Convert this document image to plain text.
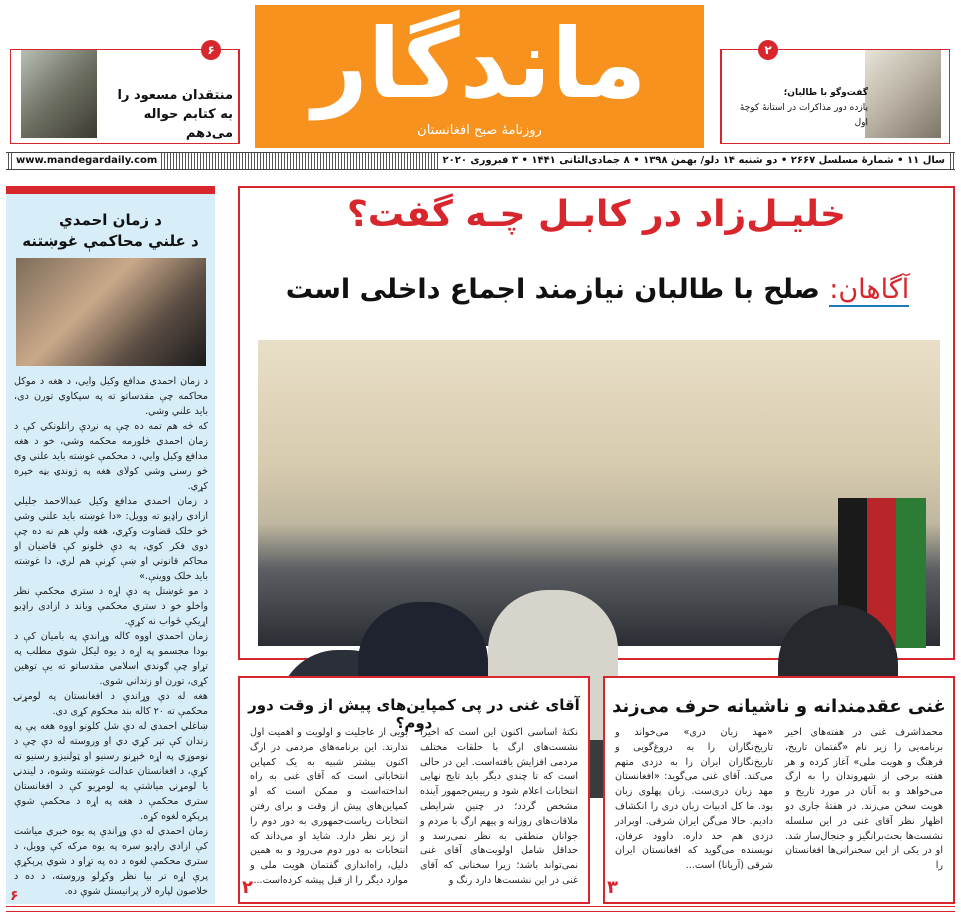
ماندگار
روزنامهٔ صبح افغانستان
۶
منتقدان مسعود را به کتابم حواله می‌دهم
۲
گفت‌وگو با طالبان؛
یازده دور مذاکرات در استانهٔ کوچهٔ اول
www.mandegardaily.com	سال ۱۱ • شمارهٔ مسلسل ۲۶۶۷ • دو شنبه ۱۴ دلو/ بهمن ۱۳۹۸ • ۸ جمادی‌الثانی ۱۴۴۱ • ۳ فبروری ۲۰۲۰
د زمان احمدي
د علني محاکمې غوښتنه

د زمان احمدي مدافع وکيل وايي، د هغه د موکل محاکمه چې مقدساتو ته په سپکاوي تورن دی، بايد علني وشي.

که څه هم تمه ده چې په نږدې راتلونکي کې د زمان احمدي څلورمه محکمه وشي، خو د هغه مدافع وکيل وايي، د محکمې غوښته بايد علني وي څو رسنۍ وشي کولای هغه په ژوندۍ بڼه خپره کړي.

د زمان احمدي مدافع وکيل عبدالاحمد جليلي ازادي راډيو ته وويل: «دا غوښته بايد علني وشي څو خلک قضاوت وکړي، هغه ولې هم نه ده چې دوی فکر کوي، په دې څلونو کې قاضيان او محاکم قانوني او ښې کړنې هم لري، دا غوښته بايد خلک ووينې.»

د مو غوښتل په دې اړه د ستري محکمې نظر واخلو خو د ستري محکمې وياند د ازادی راډيو اړيکې ځواب نه کړې.

زمان احمدي اووه کاله وړاندې په باميان کې د بودا مجسمو په اړه د يوه ليکل شوي مطلب په تړاو چې ګوندي اسلامي مقدساتو ته يې توهين کړی، تورن او زنداني شوی.

هغه له دې وړاندې د افغانستان په لومړنۍ محکمې ته ۲۰ کاله بند محکوم کړی دی.

ښاغلي احمدي له دې شل کلونو اووه هغه پې په زندان کې تېر کړي دي او وروسته له دې چې د نوموړي په اړه څېړنو رسنيو او ټولنيزو رسنيو ته کړې، د افغانستان عدالت غوښتنه وشوه، د ليندنۍ يا لومړنۍ مياشتې په لومړيو کې د افغانستان ستري محکمې د هغه په اړه د محکمې شوې پرېکړه لغوه کړه.

زمان احمدي له دې وړاندې په يوه خبري مياشت کې ازادي راډيو سره په يوه مرکه کې وويل، د ستري محکمې لغوه د ده په تړاو د شوي پرېکړې پرې اړه تر بيا نظر وکړلو وروسته، د ده د خلاصون لپاره لار پرانيستل شوې ده.

۶
خلیـل‌زاد در کابـل چـه گفت؟
آگاهان: صلح با طالبان نیازمند اجماع داخلی است
غنی عقدمندانه و ناشیانه حرف می‌زند

محمداشرف غنی در هفته‌های اخیر برنامه‌یی را زیر نام «گفتمان تاریخ، فرهنگ و هویت ملی» آغاز کرده و هر هفته برخی از شهروندان را به ارگ می‌خواهد و به آنان در مورد تاریخ و هویت سخن می‌زند. در هفتهٔ جاری دو اظهار نظر آقای غنی در این سلسله نشست‌ها بحث‌برانگیز و جنجال‌ساز شد. او در یکی از این سخنرانی‌ها افغانستان را

«مهد زبان دری» می‌خواند و تاریخ‌نگاران را به دروغ‌گویی و تاریخ‌نگاران ایران را به دزدی متهم می‌کند. آقای غنی می‌گوید: «افغانستان مهد زبان دری‌ست. زبان پهلوی زبان بود. ما کل ادبیات زبان دری را انکشاف دادیم. حالا می‌گن ایران شرقی. اوبرادر دزدی هم حد داره. داوود عرفان، نویسنده می‌گوید که افغانستان ایران شرقی (آریانا) است...

۳
آقای غنی در پی کمپاین‌های پیش از وقت دور دوم؟

نکتهٔ اساسی اکنون این است که اخیراً نشست‌های ارگ با حلقات مختلف مردمی افزایش یافته‌است. این در حالی است که تا چندی دیگر باید تایج نهایی انتخابات اعلام شود و رییس‌جمهور آینده مشخص گردد؛ در چنین شرایطی ملاقات‌های روزانه و پیهم ارگ با مردم و جوانان منطقی به نظر نمی‌رسد و حداقل شامل اولویت‌های آقای غنی نمی‌تواند باشد؛ زیرا سخنانی که آقای غنی در این نشست‌ها دارد رنگ و

بویی از عاجلیت و اولویت و اهمیت اول ندارند. این برنامه‌های مردمی در ارگ اکنون بیشتر شبیه به یک کمپاین انتخاباتی است که آقای غنی به راه انداخته‌است و ممکن است که او کمپاین‌های پیش از وقت و برای رفتن انتخابات ریاست‌جمهوری به دور دوم را از زیر نظر دارد. شاید او می‌داند که انتخابات به دور دوم می‌رود و به همین دلیل، راه‌اندازی گفتمان هویت ملی و موارد دیگر را از قبل پیشه کرده‌است...

۲
